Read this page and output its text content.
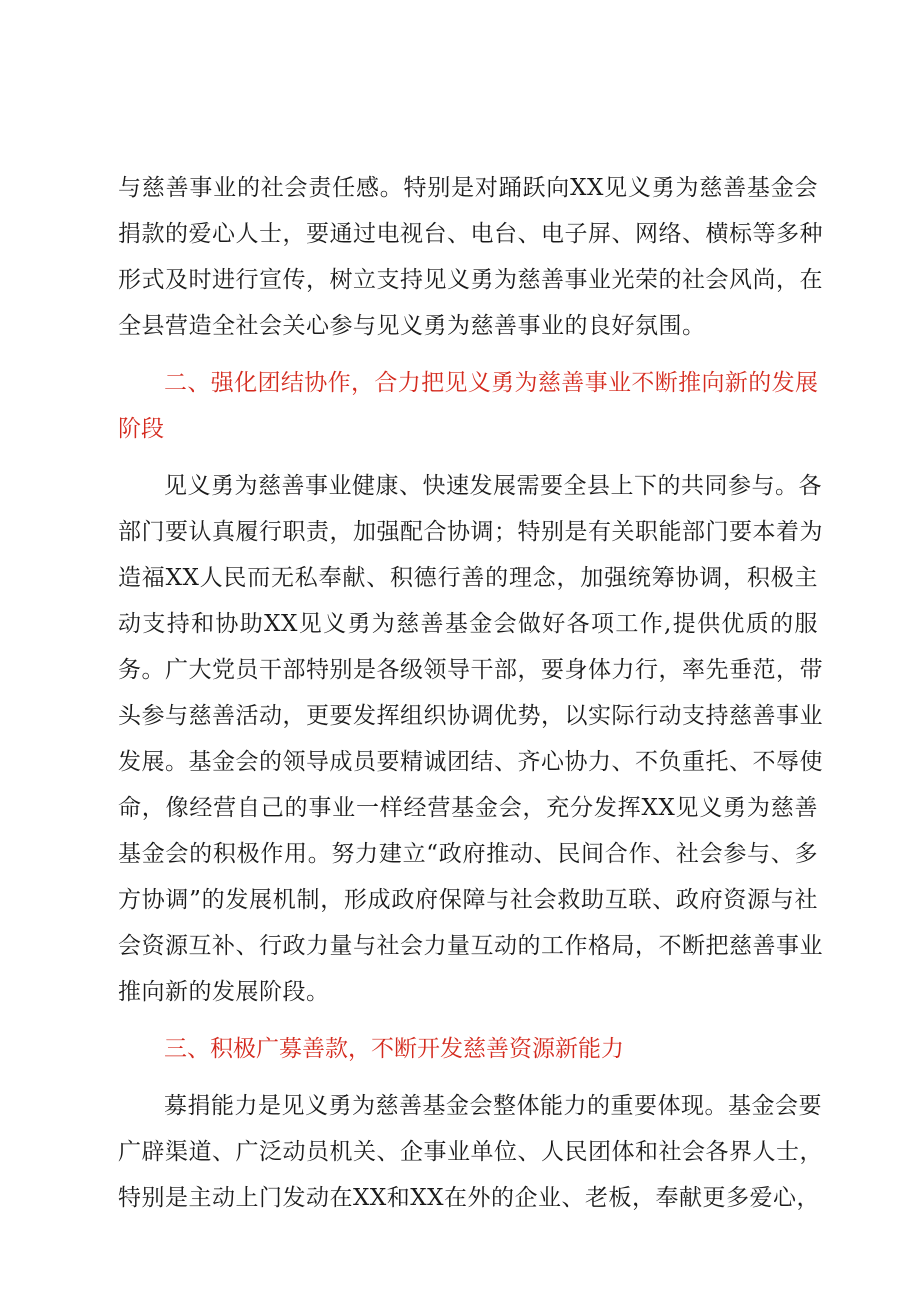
与慈善事业的社会责任感。特别是对踊跃向XX见义勇为慈善基金会
捐款的爱心人士，要通过电视台、电台、电子屏、网络、横标等多种
形式及时进行宣传，树立支持见义勇为慈善事业光荣的社会风尚，在
全县营造全社会关心参与见义勇为慈善事业的良好氛围。
二、强化团结协作，合力把见义勇为慈善事业不断推向新的发展
阶段
见义勇为慈善事业健康、快速发展需要全县上下的共同参与。各
部门要认真履行职责，加强配合协调；特别是有关职能部门要本着为
造福XX人民而无私奉献、积德行善的理念，加强统筹协调，积极主
动支持和协助XX见义勇为慈善基金会做好各项工作,提供优质的服
务。广大党员干部特别是各级领导干部，要身体力行，率先垂范，带
头参与慈善活动，更要发挥组织协调优势，以实际行动支持慈善事业
发展。基金会的领导成员要精诚团结、齐心协力、不负重托、不辱使
命，像经营自己的事业一样经营基金会，充分发挥XX见义勇为慈善
基金会的积极作用。努力建立“政府推动、民间合作、社会参与、多
方协调”的发展机制，形成政府保障与社会救助互联、政府资源与社
会资源互补、行政力量与社会力量互动的工作格局，不断把慈善事业
推向新的发展阶段。
三、积极广募善款，不断开发慈善资源新能力
募捐能力是见义勇为慈善基金会整体能力的重要体现。基金会要
广辟渠道、广泛动员机关、企事业单位、人民团体和社会各界人士，
特别是主动上门发动在XX和XX在外的企业、老板，奉献更多爱心，
